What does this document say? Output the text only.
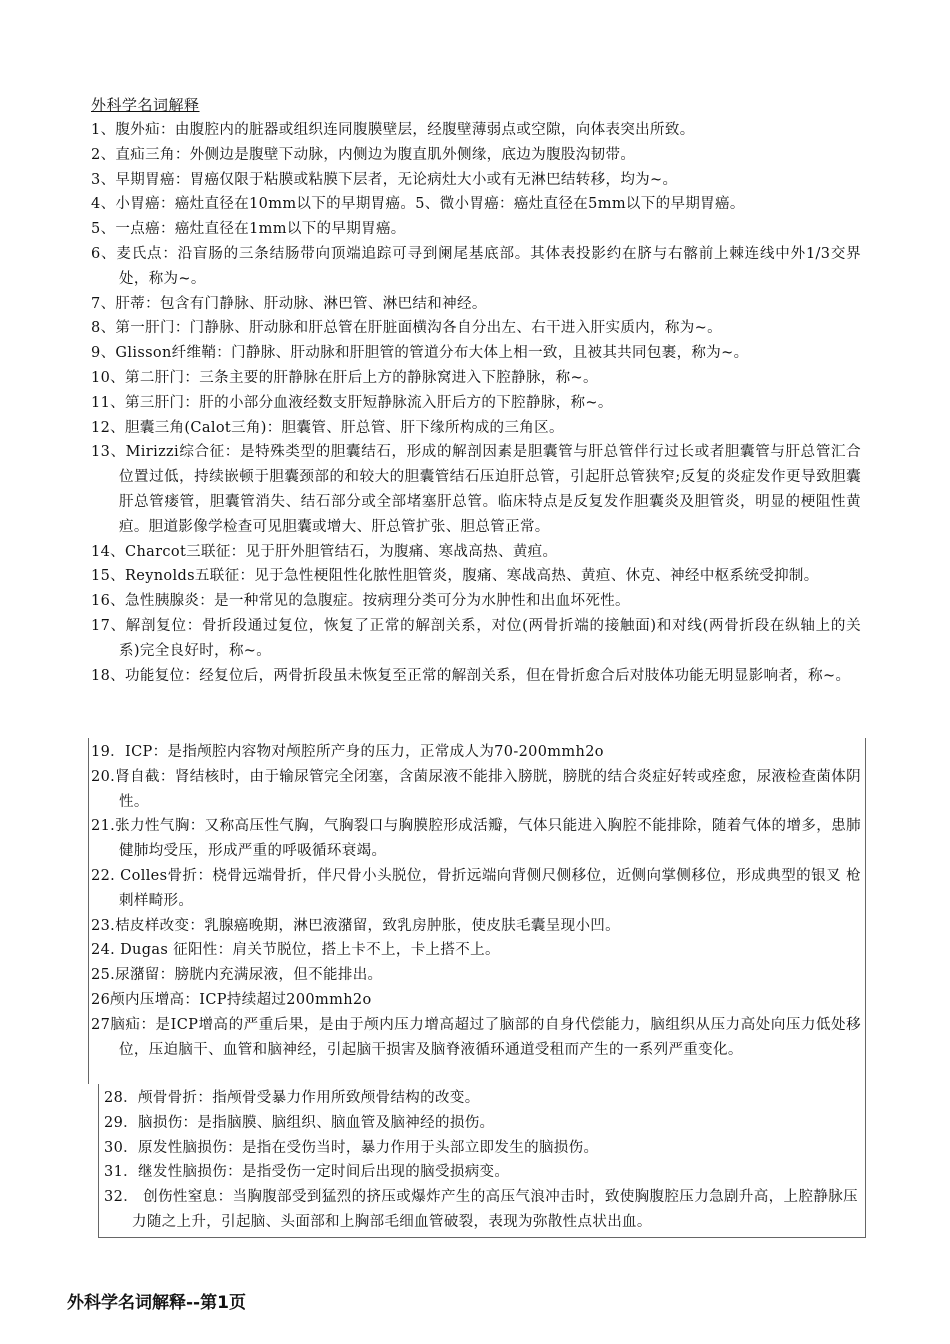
外科学名词解释
1、腹外疝：由腹腔内的脏器或组织连同腹膜壁层，经腹壁薄弱点或空隙，向体表突出所致。
2、直疝三角：外侧边是腹壁下动脉，内侧边为腹直肌外侧缘，底边为腹股沟韧带。
3、早期胃癌：胃癌仅限于粘膜或粘膜下层者，无论病灶大小或有无淋巴结转移，均为~。
4、小胃癌：癌灶直径在10mm以下的早期胃癌。5、微小胃癌：癌灶直径在5mm以下的早期胃癌。
5、一点癌：癌灶直径在1mm以下的早期胃癌。
6、麦氏点：沿盲肠的三条结肠带向顶端追踪可寻到阑尾基底部。其体表投影约在脐与右髂前上棘连线中外1/3交界处，称为~。
7、肝蒂：包含有门静脉、肝动脉、淋巴管、淋巴结和神经。
8、第一肝门：门静脉、肝动脉和肝总管在肝脏面横沟各自分出左、右干进入肝实质内，称为~。
9、Glisson纤维鞘：门静脉、肝动脉和肝胆管的管道分布大体上相一致，且被其共同包裹，称为~。
10、第二肝门：三条主要的肝静脉在肝后上方的静脉窝进入下腔静脉，称~。
11、第三肝门：肝的小部分血液经数支肝短静脉流入肝后方的下腔静脉，称~。
12、胆囊三角(Calot三角)：胆囊管、肝总管、肝下缘所构成的三角区。
13、Mirizzi综合征：是特殊类型的胆囊结石，形成的解剖因素是胆囊管与肝总管伴行过长或者胆囊管与肝总管汇合位置过低，持续嵌顿于胆囊颈部的和较大的胆囊管结石压迫肝总管，引起肝总管狭窄;反复的炎症发作更导致胆囊肝总管瘘管，胆囊管消失、结石部分或全部堵塞肝总管。临床特点是反复发作胆囊炎及胆管炎，明显的梗阻性黄疸。胆道影像学检查可见胆囊或增大、肝总管扩张、胆总管正常。
14、Charcot三联征：见于肝外胆管结石，为腹痛、寒战高热、黄疸。
15、Reynolds五联征：见于急性梗阻性化脓性胆管炎，腹痛、寒战高热、黄疸、休克、神经中枢系统受抑制。
16、急性胰腺炎：是一种常见的急腹症。按病理分类可分为水肿性和出血坏死性。
17、解剖复位：骨折段通过复位，恢复了正常的解剖关系，对位(两骨折端的接触面)和对线(两骨折段在纵轴上的关系)完全良好时，称~。
18、功能复位：经复位后，两骨折段虽未恢复至正常的解剖关系，但在骨折愈合后对肢体功能无明显影响者，称~。
19．ICP：是指颅腔内容物对颅腔所产身的压力，正常成人为70-200mmh2o
20.肾自截：肾结核时，由于输尿管完全闭塞，含菌尿液不能排入膀胱，膀胱的结合炎症好转或痊愈，尿液检查菌体阴性。
21.张力性气胸：又称高压性气胸，气胸裂口与胸膜腔形成活瓣，气体只能进入胸腔不能排除，随着气体的增多，患肺健肺均受压，形成严重的呼吸循环衰竭。
22. Colles骨折：桡骨远端骨折，伴尺骨小头脱位，骨折远端向背侧尺侧移位，近侧向掌侧移位，形成典型的银叉 枪刺样畸形。
23.桔皮样改变：乳腺癌晚期，淋巴液潴留，致乳房肿胀，使皮肤毛囊呈现小凹。
24. Dugas 征阳性：肩关节脱位，搭上卡不上，卡上搭不上。
25.尿潴留：膀胱内充满尿液，但不能排出。
26颅内压增高：ICP持续超过200mmh2o
27脑疝：是ICP增高的严重后果，是由于颅内压力增高超过了脑部的自身代偿能力，脑组织从压力高处向压力低处移位，压迫脑干、血管和脑神经，引起脑干损害及脑脊液循环通道受租而产生的一系列严重变化。
28．颅骨骨折：指颅骨受暴力作用所致颅骨结构的改变。
29．脑损伤：是指脑膜、脑组织、脑血管及脑神经的损伤。
30．原发性脑损伤：是指在受伤当时，暴力作用于头部立即发生的脑损伤。
31．继发性脑损伤：是指受伤一定时间后出现的脑受损病变。
32． 创伤性窒息：当胸腹部受到猛烈的挤压或爆炸产生的高压气浪冲击时，致使胸腹腔压力急剧升高，上腔静脉压力随之上升，引起脑、头面部和上胸部毛细血管破裂，表现为弥散性点状出血。
外科学名词解释--第1页
